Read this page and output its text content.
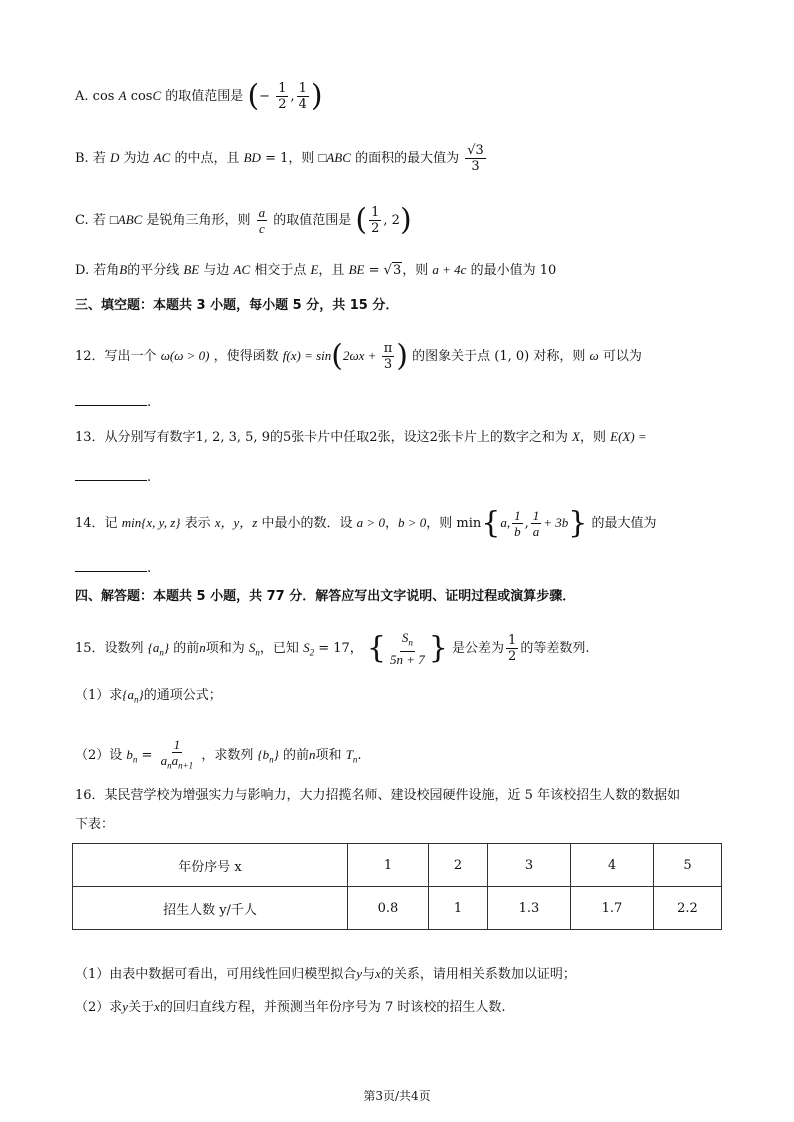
A. cos A cosC 的取值范围是 (− $\frac{1}{2}$ , $\frac{1}{4}$ )
B. 若 D 为边 AC 的中点，且 BD = 1，则 □ABC 的面积的最大值为 $\frac{√3}{3}$
C. 若 □ABC 是锐角三角形，则 $\frac{a}{c}$ 的取值范围是 ( $\frac{1}{2}$ , 2)
D. 若角B的平分线 BE 与边 AC 相交于点 E，且 BE = √3，则 a + 4c 的最小值为 10
三、填空题：本题共 3 小题，每小题 5 分，共 15 分．
12．写出一个 ω(ω > 0) ，使得函数 $f(x) = \sin(2\omega x + \frac{\pi}{3}$ ) 的图象关于点 (1, 0) 对称，则 ω 可以为
.
13．从分别写有数字1, 2, 3, 5, 9的5张卡片中任取2张，设这2张卡片上的数字之和为 X，则 E(X) =
.
14．记 min{x, y, z} 表示 x，y，z 中最小的数．设 a > 0，b > 0，则 min{a, $\frac{1}{b}$ , $\frac{1}{a} + 3b$} 的最大值为
.
四、解答题：本题共 5 小题，共 77 分．解答应写出文字说明、证明过程或演算步骤．
15．设数列 $\{a_n\}$ 的前n项和为 $S_n$，已知 $S_2 = 17$， { $\frac{S_n}{5n + 7}$ } 是公差为 $\frac{1}{2}$ 的等差数列.
（1）求$\{a_n\}$的通项公式；
（2）设 $b_n = \frac{1}{a_na_{n+1}}$ ，求数列 $\{b_n\}$ 的前n项和 $T_n$.
16．某民营学校为增强实力与影响力，大力招揽名师、建设校园硬件设施，近 5 年该校招生人数的数据如
下表：
年份序号 x	1	2	3	4	5
招生人数 y/千人	0.8	1	1.3	1.7	2.2
（1）由表中数据可看出，可用线性回归模型拟合y与x的关系，请用相关系数加以证明；
（2）求y关于x的回归直线方程，并预测当年份序号为 7 时该校的招生人数.
第3页/共4页
